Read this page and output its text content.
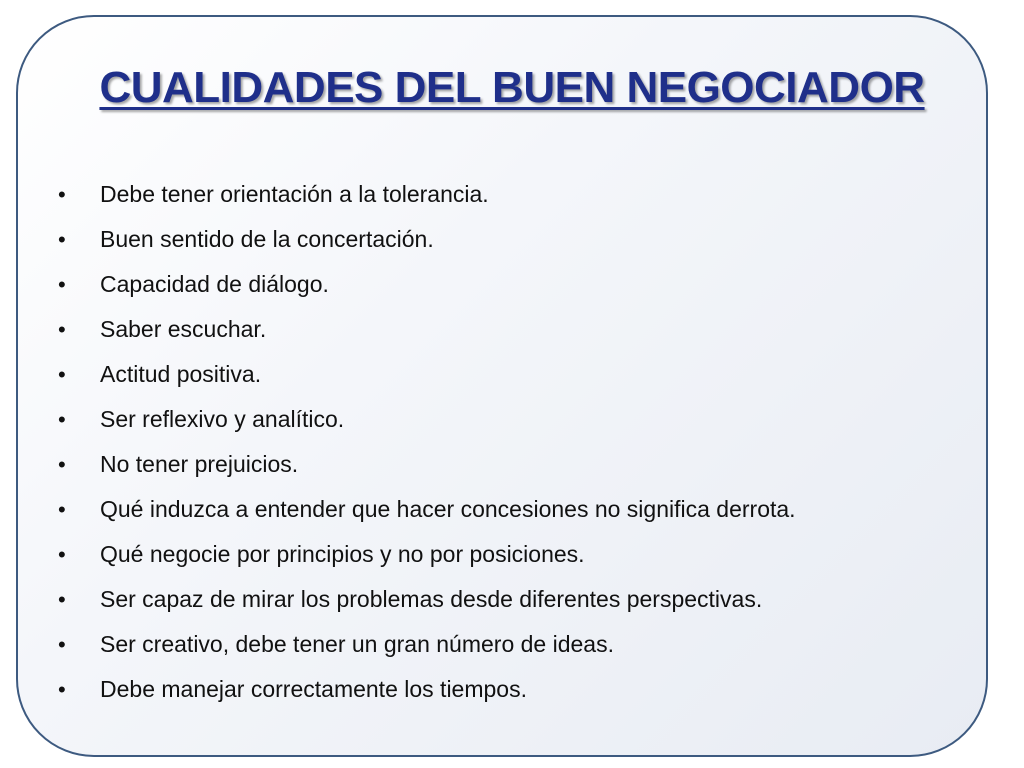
CUALIDADES DEL BUEN NEGOCIADOR
•	Debe tener orientación a la tolerancia.
•	Buen sentido de la concertación.
•	Capacidad de diálogo.
•	Saber escuchar.
•	Actitud positiva.
•	Ser reflexivo y analítico.
•	No tener prejuicios.
•	Qué induzca a entender que hacer concesiones no significa derrota.
•	Qué negocie por principios y no por posiciones.
•	Ser capaz de mirar los problemas desde diferentes perspectivas.
•	Ser creativo, debe tener un gran número de ideas.
•	Debe manejar correctamente los tiempos.
